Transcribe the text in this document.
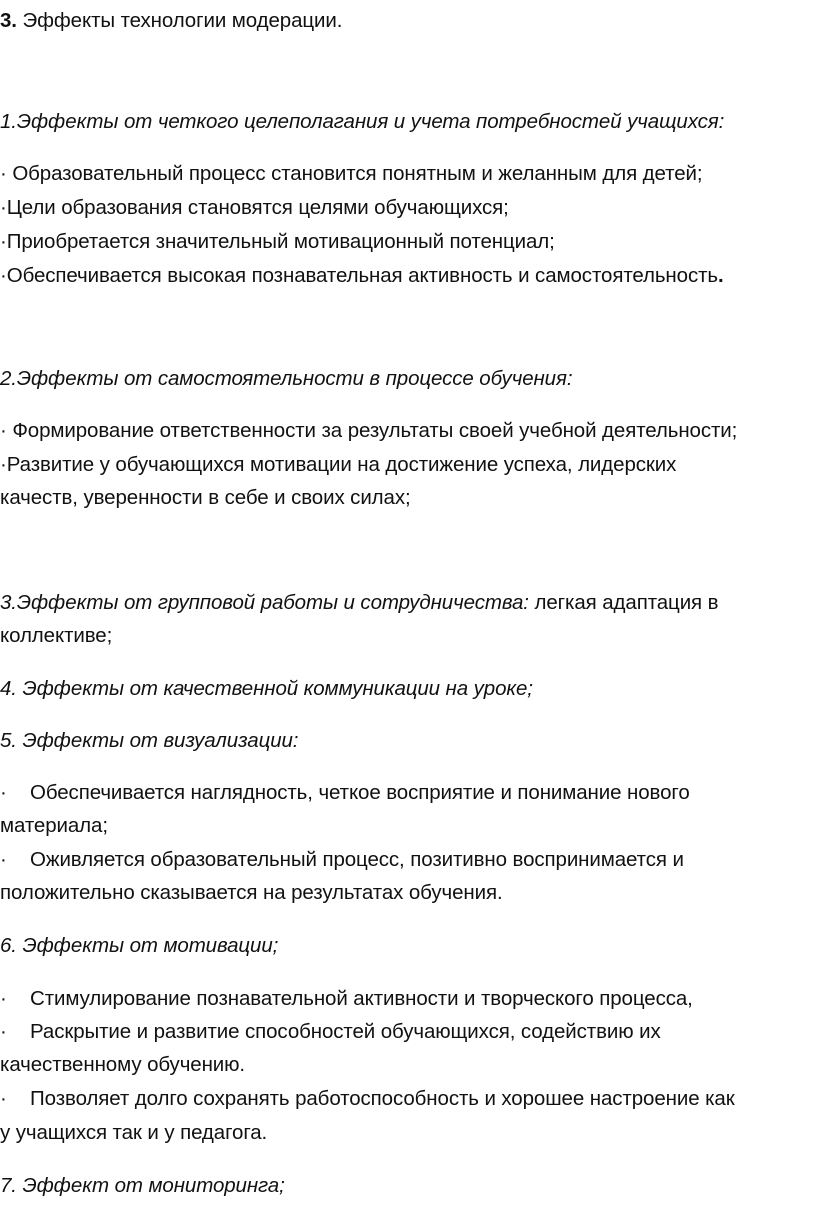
3. Эффекты технологии модерации.
1.Эффекты от четкого целеполагания и учета потребностей учащихся:
· Образовательный процесс становится понятным и желанным для детей;
·Цели образования становятся целями обучающихся;
·Приобретается значительный мотивационный потенциал;
·Обеспечивается высокая познавательная активность и самостоятельность.
2.Эффекты от самостоятельности в процессе обучения:
· Формирование ответственности за результаты своей учебной деятельности;
·Развитие у обучающихся мотивации на достижение успеха, лидерских
качеств, уверенности в себе и своих силах;
3.Эффекты от групповой работы и сотрудничества: легкая адаптация в
коллективе;
4. Эффекты от качественной коммуникации на уроке;
5. Эффекты от визуализации:
· Обеспечивается наглядность, четкое восприятие и понимание нового
материала;
· Оживляется образовательный процесс, позитивно воспринимается и
положительно сказывается на результатах обучения.
6. Эффекты от мотивации;
· Стимулирование познавательной активности и творческого процесса,
· Раскрытие и развитие способностей обучающихся, содействию их
качественному обучению.
· Позволяет долго сохранять работоспособность и хорошее настроение как
у учащихся так и у педагога.
7. Эффект от мониторинга;
